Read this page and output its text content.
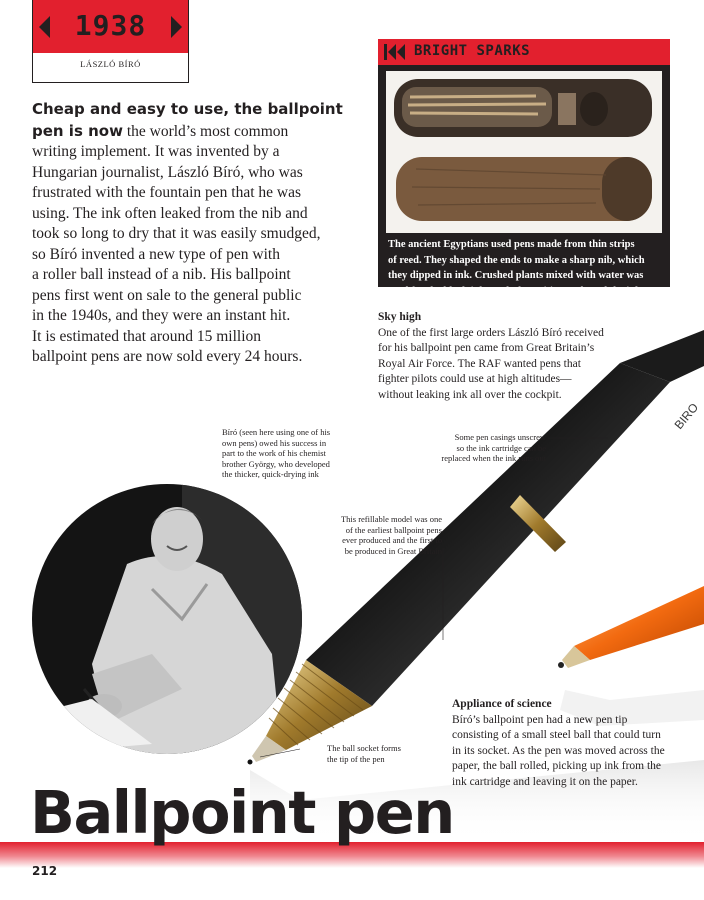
BIRO
1938
LÁSZLÓ BÍRÓ
Cheap and easy to use, the ballpoint pen is now the world’s most common
writing implement. It was invented by a
Hungarian journalist, László Bíró, who was
frustrated with the fountain pen that he was
using. The ink often leaked from the nib and
took so long to dry that it was easily smudged,
so Bíró invented a new type of pen with
a roller ball instead of a nib. His ballpoint
pens first went on sale to the general public
in the 1940s, and they were an instant hit.
It is estimated that around 15 million
ballpoint pens are now sold every 24 hours.
BRIGHT SPARKS
The ancient Egyptians used pens made from thin strips
of reed. They shaped the ends to make a sharp nib, which
they dipped in ink. Crushed plants mixed with water was
used for the black ink. Both the writing tools and the ink
were housed in a wooden case.
Sky high
One of the first large orders László Bíró received
for his ballpoint pen came from Great Britain’s
Royal Air Force. The RAF wanted pens that
fighter pilots could use at high altitudes—
without leaking ink all over the cockpit.
Bíró (seen here using one of his
own pens) owed his success in
part to the work of his chemist
brother György, who developed
the thicker, quick-drying ink
Some pen casings unscrew
so the ink cartridge can be
replaced when the ink runs out
This refillable model was one
of the earliest ballpoint pens
ever produced and the first to
be produced in Great Britain
The ball socket forms
the tip of the pen
Appliance of science
Bíró’s ballpoint pen had a new pen tip
consisting of a small steel ball that could turn
in its socket. As the pen was moved across the
paper, the ball rolled, picking up ink from the
ink cartridge and leaving it on the paper.
Ballpoint pen
212
